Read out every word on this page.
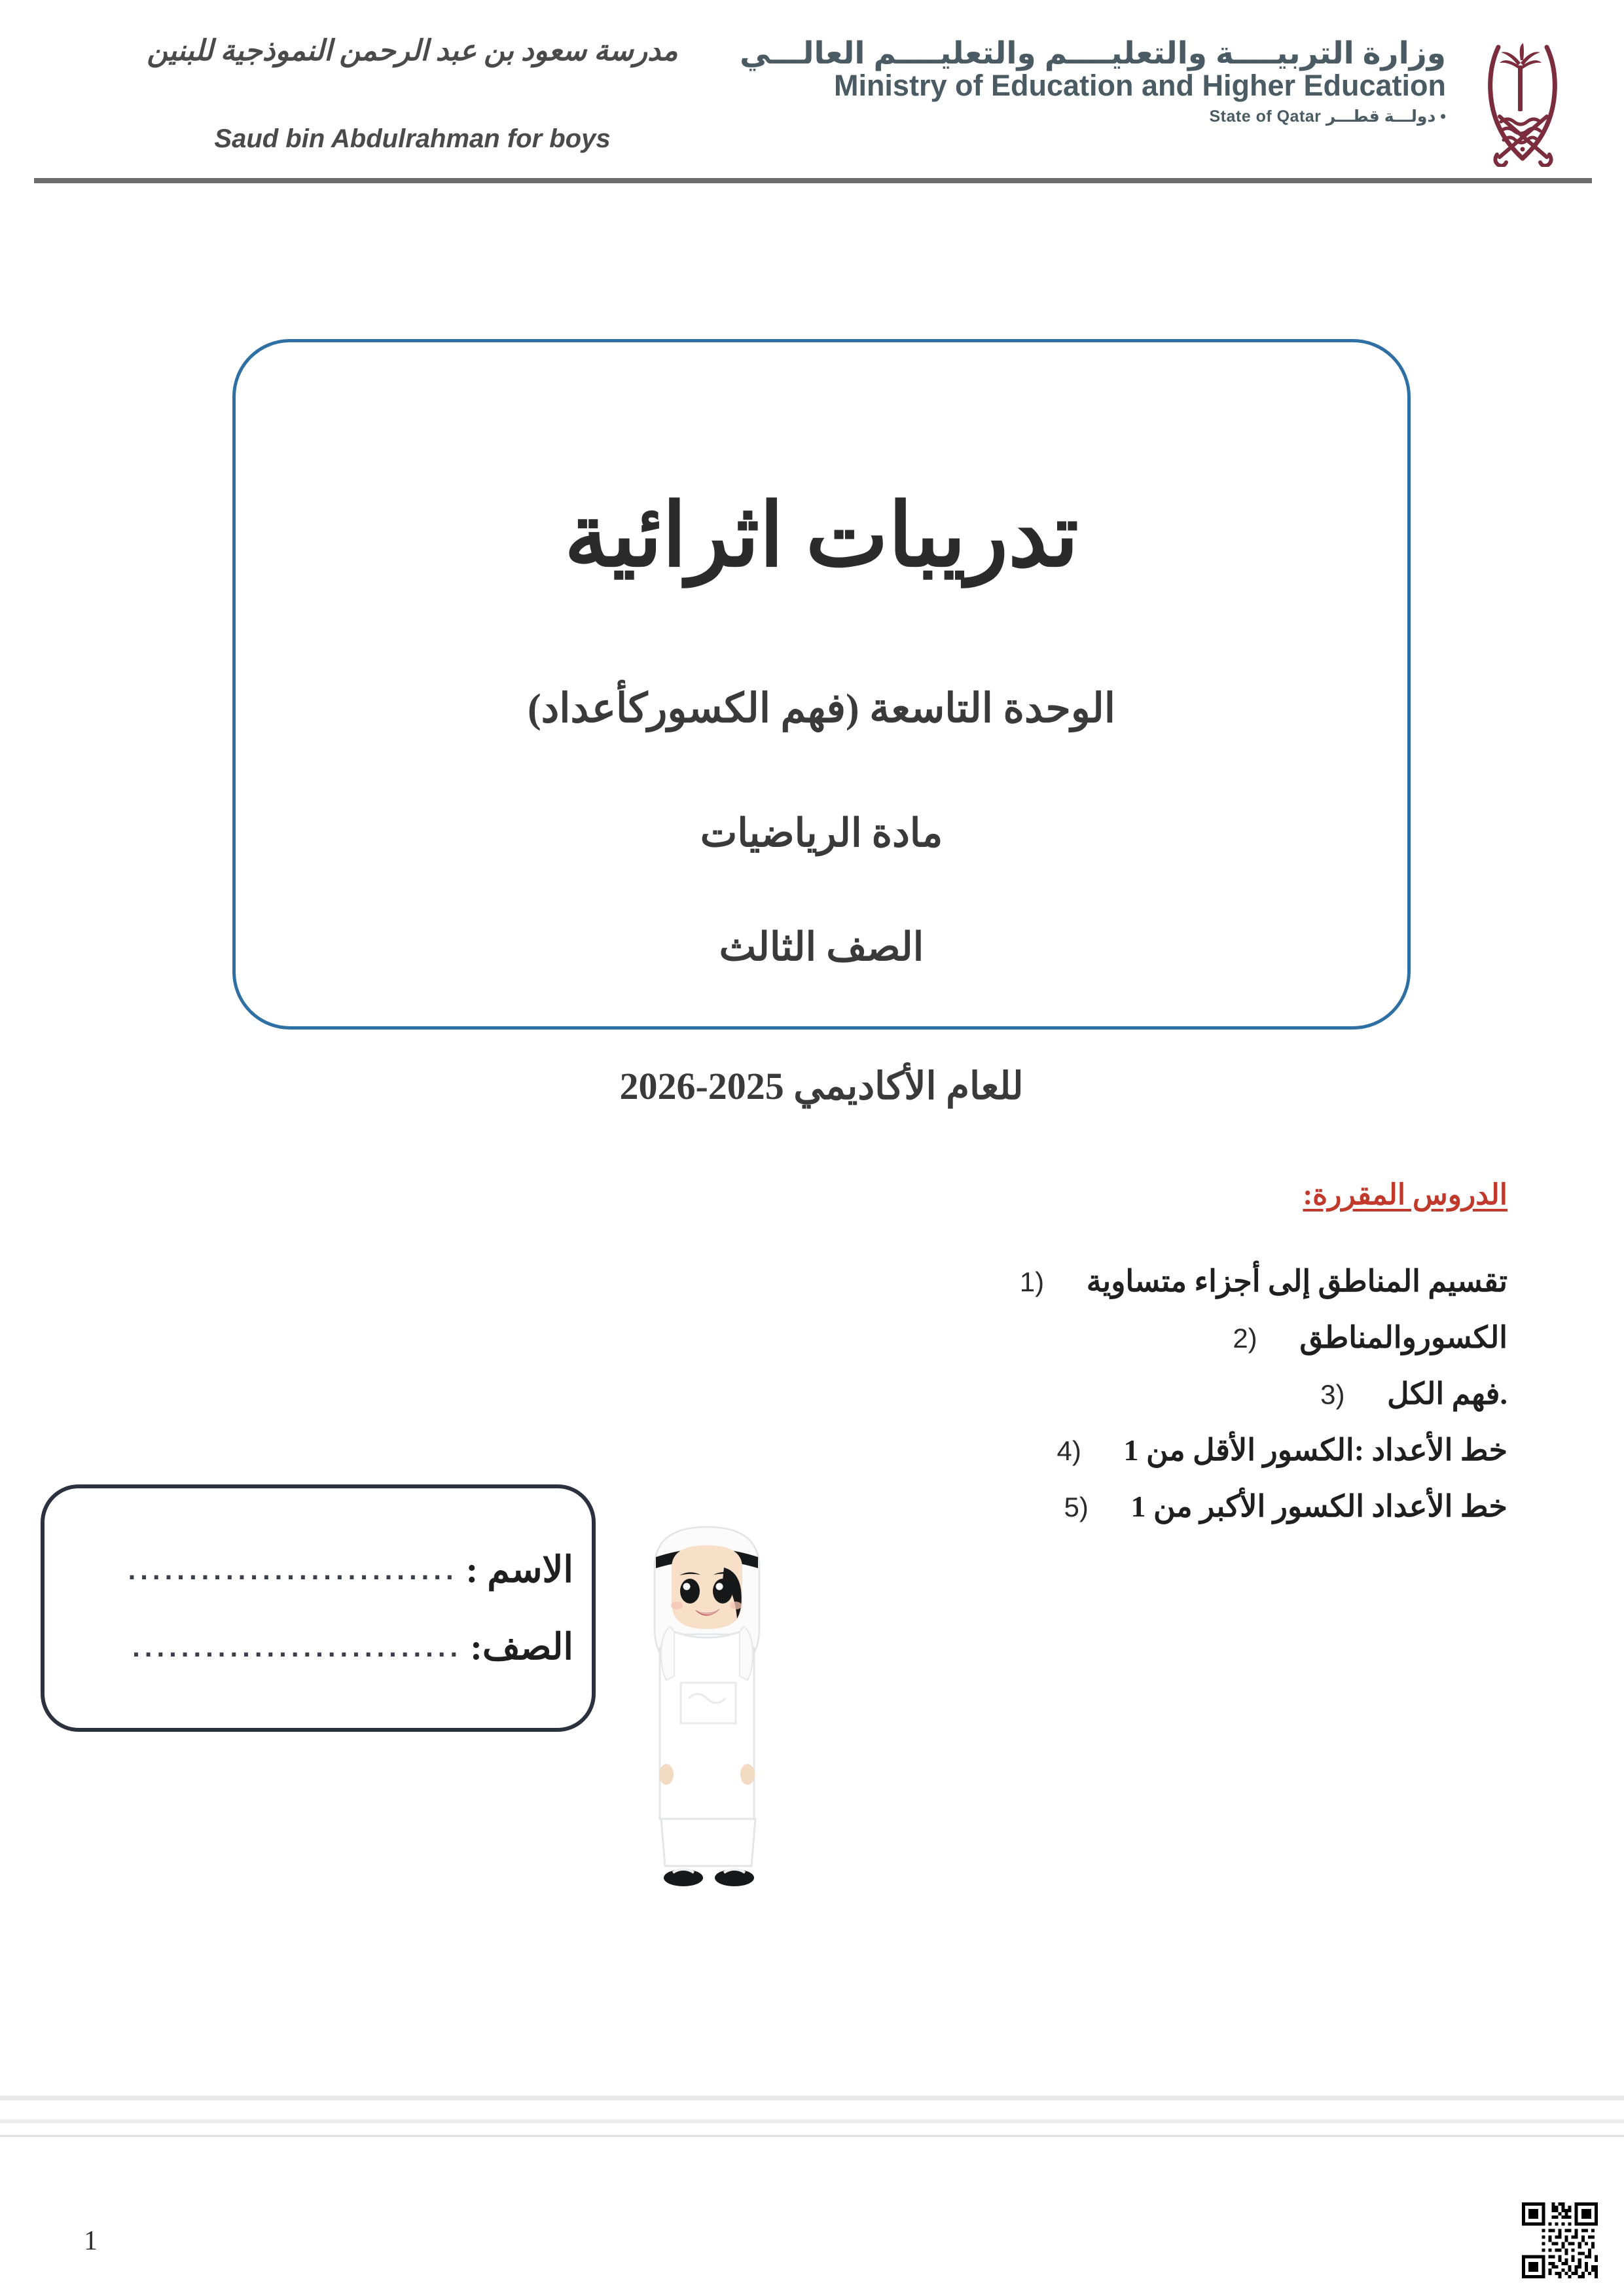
مدرسة سعود بن عبد الرحمن النموذجية للبنين
Saud bin Abdulrahman for boys
وزارة التربيــــة والتعليــــم والتعليــــم العالـــي
Ministry of Education and Higher Education
State of Qatar دولـــة قطـــر •
تدريبات اثرائية
الوحدة التاسعة (فهم الكسوركأعداد)
مادة الرياضيات
الصف الثالث
للعام الأكاديمي 2025-2026
الدروس المقررة:
1)	تقسيم المناطق إلى أجزاء متساوية
2)	الكسوروالمناطق
3)	.فهم الكل
4)	خط الأعداد :الكسور الأقل من 1
5)	خط الأعداد الكسور الأكبر من 1
الاسم :
...........................
الصف:
...........................
1
